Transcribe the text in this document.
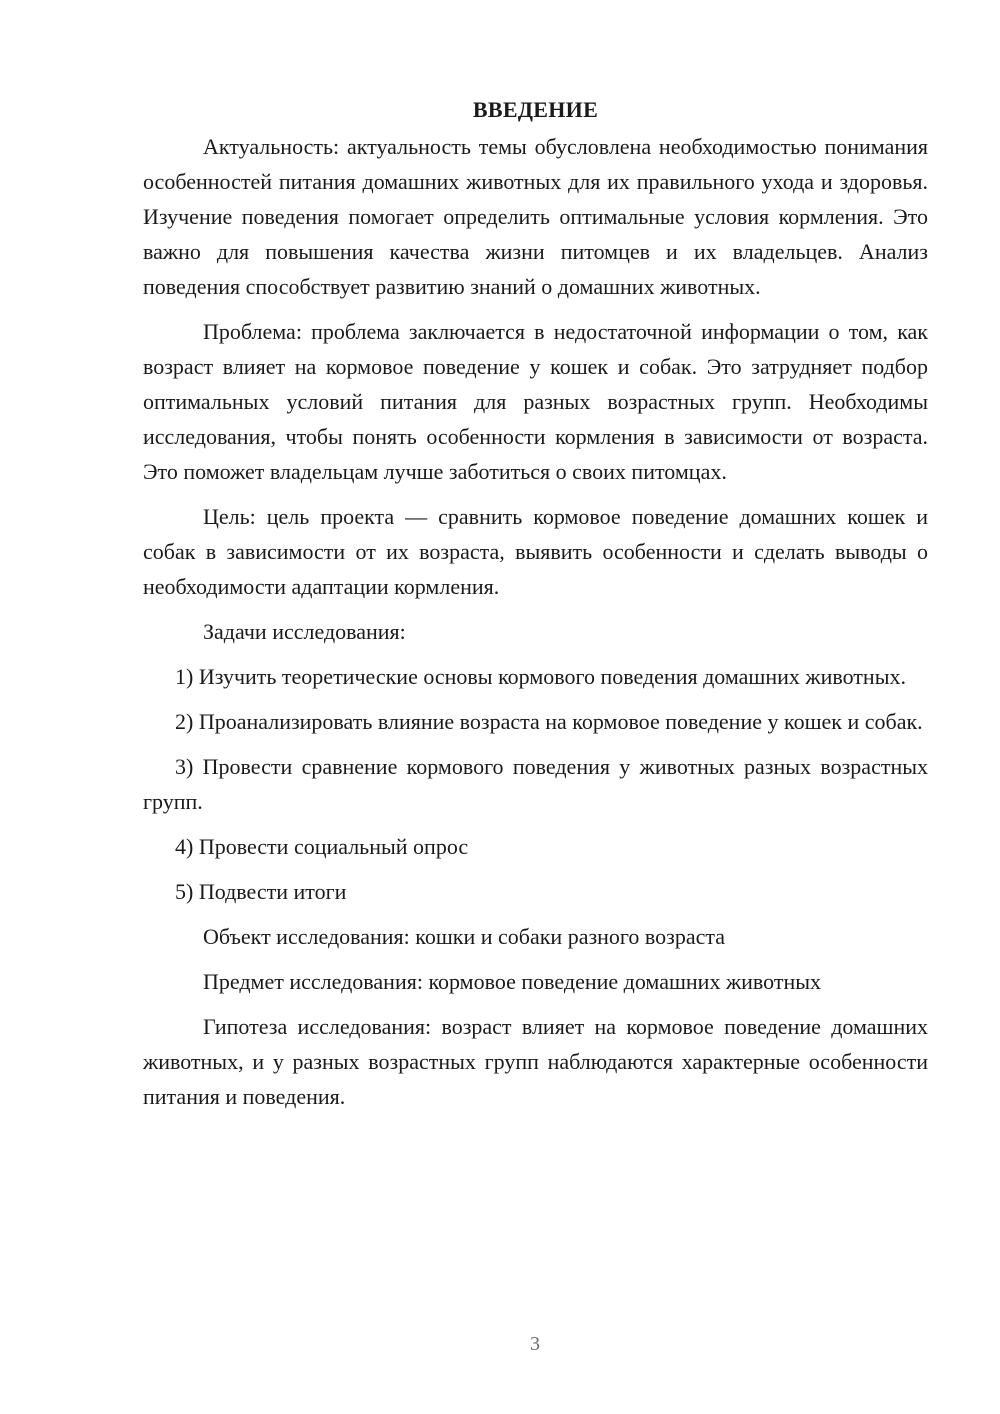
ВВЕДЕНИЕ

Актуальность: актуальность темы обусловлена необходимостью понимания особенностей питания домашних животных для их правильного ухода и здоровья. Изучение поведения помогает определить оптимальные условия кормления. Это важно для повышения качества жизни питомцев и их владельцев. Анализ поведения способствует развитию знаний о домашних животных.

Проблема: проблема заключается в недостаточной информации о том, как возраст влияет на кормовое поведение у кошек и собак. Это затрудняет подбор оптимальных условий питания для разных возрастных групп. Необходимы исследования, чтобы понять особенности кормления в зависимости от возраста. Это поможет владельцам лучше заботиться о своих питомцах.

Цель: цель проекта — сравнить кормовое поведение домашних кошек и собак в зависимости от их возраста, выявить особенности и сделать выводы о необходимости адаптации кормления.

Задачи исследования:

1) Изучить теоретические основы кормового поведения домашних животных.

2) Проанализировать влияние возраста на кормовое поведение у кошек и собак.

3) Провести сравнение кормового поведения у животных разных возрастных групп.

4) Провести социальный опрос

5) Подвести итоги

Объект исследования: кошки и собаки разного возраста

Предмет исследования: кормовое поведение домашних животных

Гипотеза исследования: возраст влияет на кормовое поведение домашних животных, и у разных возрастных групп наблюдаются характерные особенности питания и поведения.

3
